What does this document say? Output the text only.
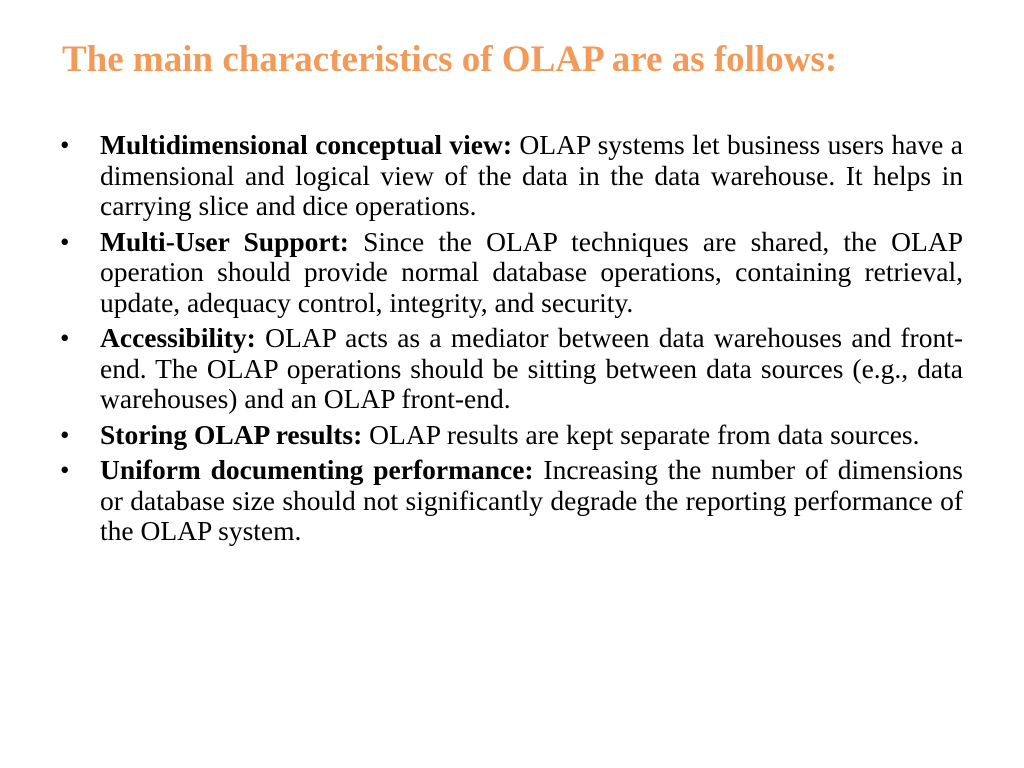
The main characteristics of OLAP are as follows:
•	Multidimensional conceptual view: OLAP systems let business users have a dimensional and logical view of the data in the data warehouse. It helps in carrying slice and dice operations.
•	Multi-User Support: Since the OLAP techniques are shared, the OLAP operation should provide normal database operations, containing retrieval, update, adequacy control, integrity, and security.
•	Accessibility: OLAP acts as a mediator between data warehouses and front-end. The OLAP operations should be sitting between data sources (e.g., data warehouses) and an OLAP front-end.
•	Storing OLAP results: OLAP results are kept separate from data sources.
•	Uniform documenting performance: Increasing the number of dimensions or database size should not significantly degrade the reporting performance of the OLAP system.
